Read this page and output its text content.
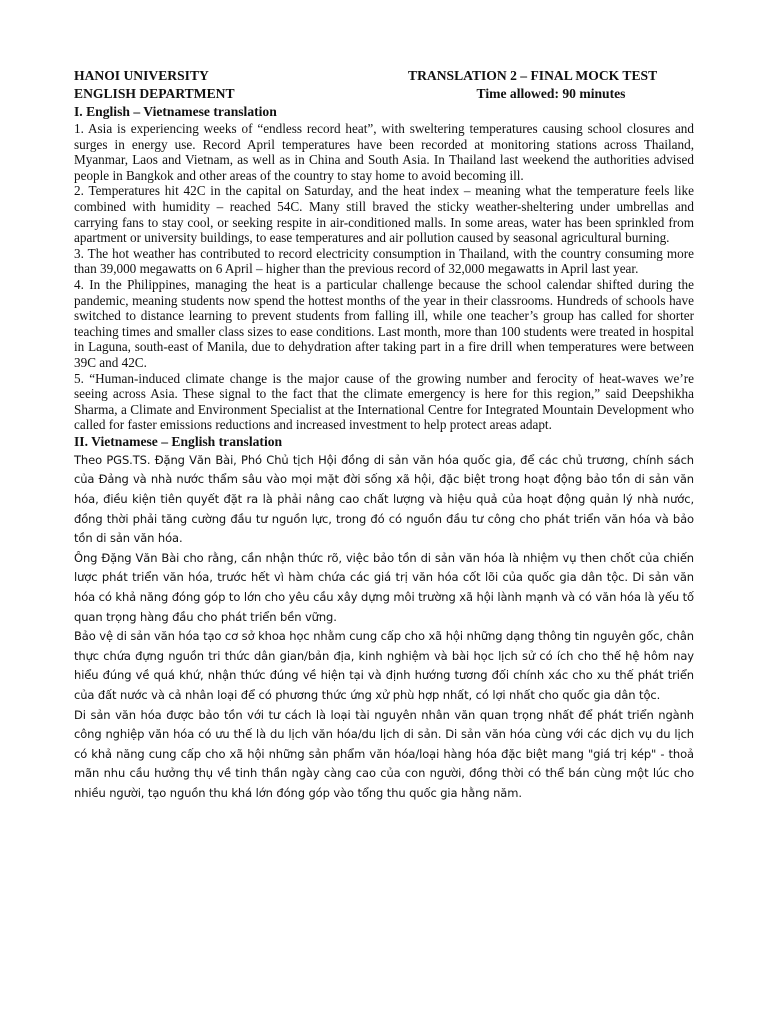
HANOI UNIVERSITY	TRANSLATION 2 – FINAL MOCK TEST
ENGLISH DEPARTMENT	Time allowed: 90 minutes
I. English – Vietnamese translation

1. Asia is experiencing weeks of “endless record heat”, with sweltering temperatures causing school closures and surges in energy use. Record April temperatures have been recorded at monitoring stations across Thailand, Myanmar, Laos and Vietnam, as well as in China and South Asia. In Thailand last weekend the authorities advised people in Bangkok and other areas of the country to stay home to avoid becoming ill.

2. Temperatures hit 42C in the capital on Saturday, and the heat index – meaning what the temperature feels like combined with humidity – reached 54C. Many still braved the sticky weather-sheltering under umbrellas and carrying fans to stay cool, or seeking respite in air-conditioned malls. In some areas, water has been sprinkled from apartment or university buildings, to ease temperatures and air pollution caused by seasonal agricultural burning.

3. The hot weather has contributed to record electricity consumption in Thailand, with the country consuming more than 39,000 megawatts on 6 April – higher than the previous record of 32,000 megawatts in April last year.

4. In the Philippines, managing the heat is a particular challenge because the school calendar shifted during the pandemic, meaning students now spend the hottest months of the year in their classrooms. Hundreds of schools have switched to distance learning to prevent students from falling ill, while one teacher’s group has called for shorter teaching times and smaller class sizes to ease conditions. Last month, more than 100 students were treated in hospital in Laguna, south-east of Manila, due to dehydration after taking part in a fire drill when temperatures were between 39C and 42C.

5. “Human-induced climate change is the major cause of the growing number and ferocity of heat-waves we’re seeing across Asia. These signal to the fact that the climate emergency is here for this region,” said Deepshikha Sharma, a Climate and Environment Specialist at the International Centre for Integrated Mountain Development who called for faster emissions reductions and increased investment to help protect areas adapt.

II. Vietnamese – English translation

Theo PGS.TS. Đặng Văn Bài, Phó Chủ tịch Hội đồng di sản văn hóa quốc gia, để các chủ trương, chính sách của Đảng và nhà nước thẩm sâu vào mọi mặt đời sống xã hội, đặc biệt trong hoạt động bảo tồn di sản văn hóa, điều kiện tiên quyết đặt ra là phải nâng cao chất lượng và hiệu quả của hoạt động quản lý nhà nước, đồng thời phải tăng cường đầu tư nguồn lực, trong đó có nguồn đầu tư công cho phát triển văn hóa và bảo tồn di sản văn hóa.

Ông Đặng Văn Bài cho rằng, cần nhận thức rõ, việc bảo tồn di sản văn hóa là nhiệm vụ then chốt của chiến lược phát triển văn hóa, trước hết vì hàm chứa các giá trị văn hóa cốt lõi của quốc gia dân tộc. Di sản văn hóa có khả năng đóng góp to lớn cho yêu cầu xây dựng môi trường xã hội lành mạnh và có văn hóa là yếu tố quan trọng hàng đầu cho phát triển bền vững.

Bảo vệ di sản văn hóa tạo cơ sở khoa học nhằm cung cấp cho xã hội những dạng thông tin nguyên gốc, chân thực chứa đựng nguồn tri thức dân gian/bản địa, kinh nghiệm và bài học lịch sử có ích cho thế hệ hôm nay hiểu đúng về quá khứ, nhận thức đúng về hiện tại và định hướng tương đối chính xác cho xu thế phát triển của đất nước và cả nhân loại để có phương thức ứng xử phù hợp nhất, có lợi nhất cho quốc gia dân tộc.

Di sản văn hóa được bảo tồn với tư cách là loại tài nguyên nhân văn quan trọng nhất để phát triển ngành công nghiệp văn hóa có ưu thế là du lịch văn hóa/du lịch di sản. Di sản văn hóa cùng với các dịch vụ du lịch có khả năng cung cấp cho xã hội những sản phẩm văn hóa/loại hàng hóa đặc biệt mang "giá trị kép" - thoả mãn nhu cầu hưởng thụ về tinh thần ngày càng cao của con người, đồng thời có thể bán cùng một lúc cho nhiều người, tạo nguồn thu khá lớn đóng góp vào tổng thu quốc gia hằng năm.
